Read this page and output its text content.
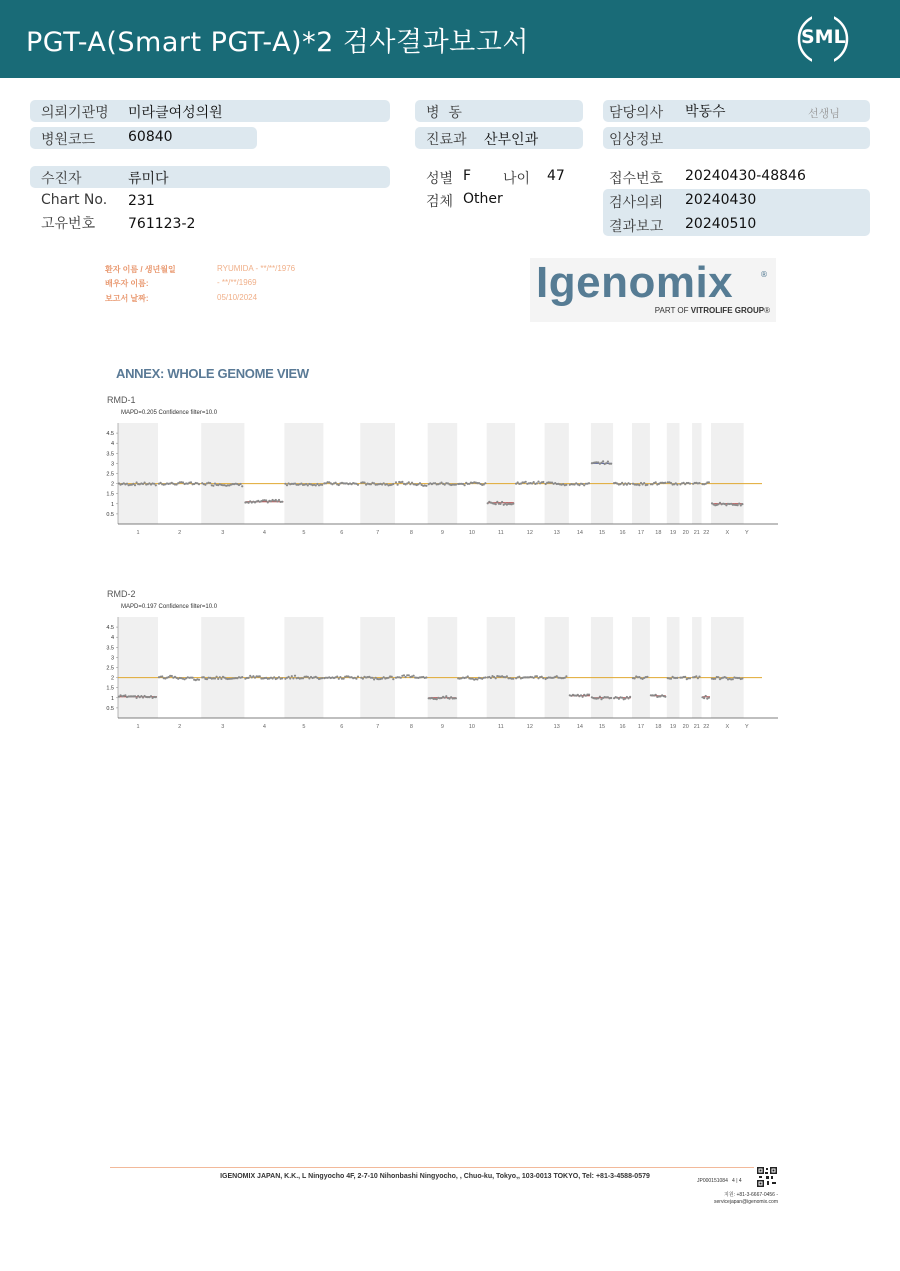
PGT-A(Smart PGT-A)*2 검사결과보고서	SML
의뢰기관명 미라클여성의원
병원코드 60840
병  동
진료과 산부인과
담당의사 박동수	선생님
임상정보
수진자	류미다
Chart No. 231
고유번호 761123-2
성별 F 나이 47
검체 Other
접수번호 20240430-48846
검사의뢰 20240430
결과보고 20240510
환자 이름 / 생년월일	RYUMIDA - **/**/1976
배우자 이름:	- **/**/1969
보고서 날짜:	05/10/2024	Igenomix	®
PART OF VITROLIFE GROUP®
ANNEX: WHOLE GENOME VIEW
RMD-1
MAPD=0.205 Confidence filter=10.0
4.5
4
3.5
3
2.5
2
1.5
1
0.5
1	2	3	4	5	6	7	8	9	10	11	12	13	14	15	16 17 18 19 20 21 22	X	Y
RMD-2
MAPD=0.197 Confidence filter=10.0
4.5
4
3.5
3
2.5
2
1.5
1
0.5
1	2	3	4	5	6	7	8	9	10	11	12	13	14	15	16 17 18 19 20 21 22	X	Y
IGENOMIX JAPAN, K.K., L Ningyocho 4F, 2-7-10 Nihonbashi Ningyocho, , Chuo-ku, Tokyo,, 103-0013 TOKYO, Tel: +81-3-4588-0579
JP000151084 4 | 4
지원: +81-3-6667-0456 - servicejapan@igenomix.com
